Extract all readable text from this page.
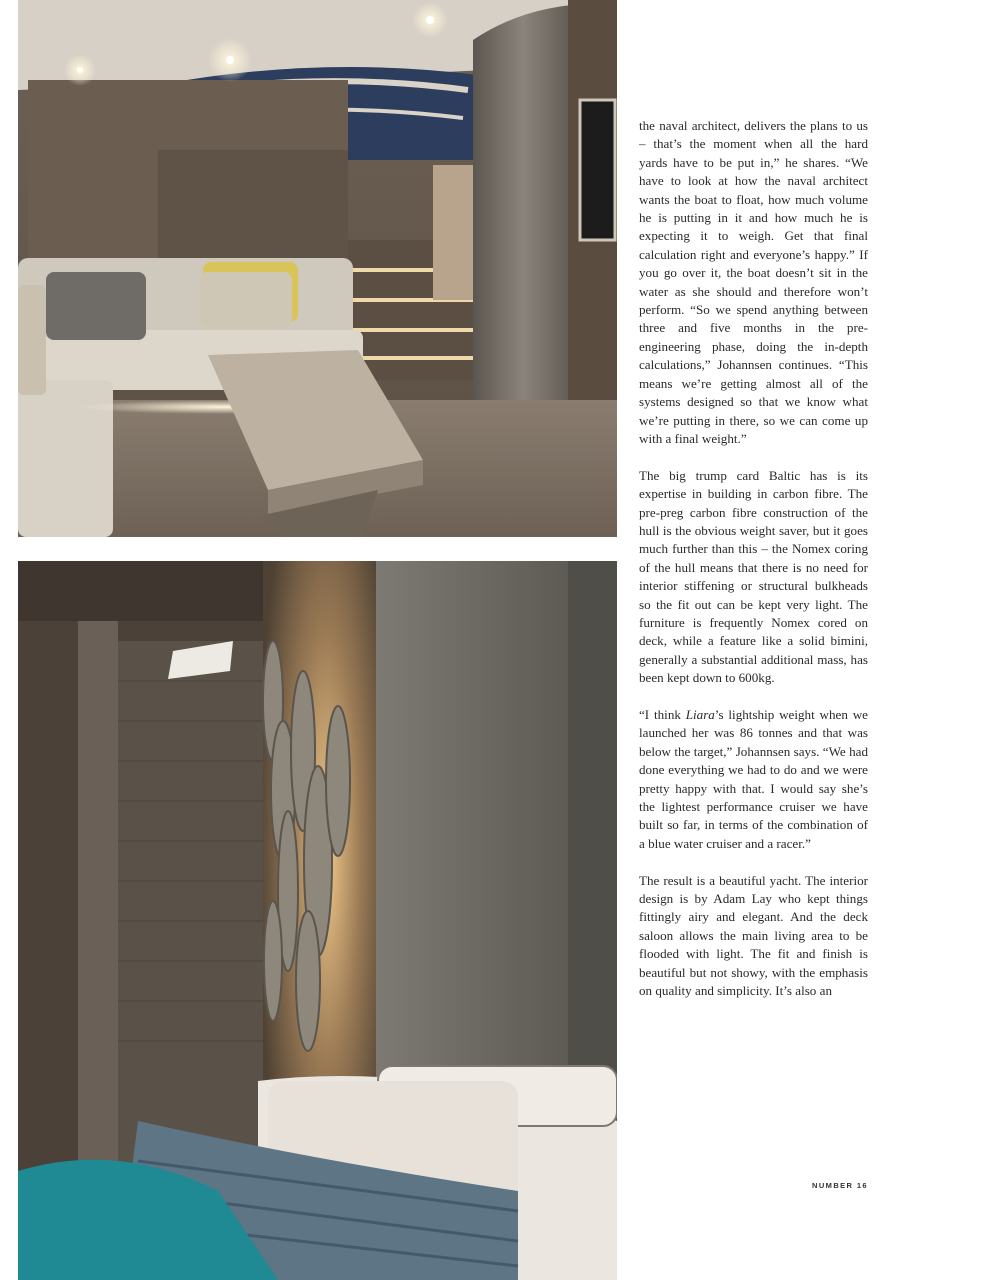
the naval architect, delivers the plans to us – that’s the moment when all the hard yards have to be put in,” he shares. “We have to look at how the naval architect wants the boat to float, how much volume he is putting in it and how much he is expecting it to weigh. Get that final calculation right and everyone’s happy.” If you go over it, the boat doesn’t sit in the water as she should and therefore won’t perform. “So we spend anything between three and five months in the pre-engineering phase, doing the in-depth calculations,” Johannsen continues. “This means we’re getting almost all of the systems designed so that we know what we’re putting in there, so we can come up with a final weight.”

The big trump card Baltic has is its expertise in building in carbon fibre. The pre-preg carbon fibre construction of the hull is the obvious weight saver, but it goes much further than this – the Nomex coring of the hull means that there is no need for interior stiffening or structural bulkheads so the fit out can be kept very light. The furniture is frequently Nomex cored on deck, while a feature like a solid bimini, generally a substantial additional mass, has been kept down to 600kg.

“I think Liara’s lightship weight when we launched her was 86 tonnes and that was below the target,” Johannsen says. “We had done everything we had to do and we were pretty happy with that. I would say she’s the lightest performance cruiser we have built so far, in terms of the combination of a blue water cruiser and a racer.”

The result is a beautiful yacht. The interior design is by Adam Lay who kept things fittingly airy and elegant. And the deck saloon allows the main living area to be flooded with light. The fit and finish is beautiful but not showy, with the emphasis on quality and simplicity. It’s also an

NUMBER 16
